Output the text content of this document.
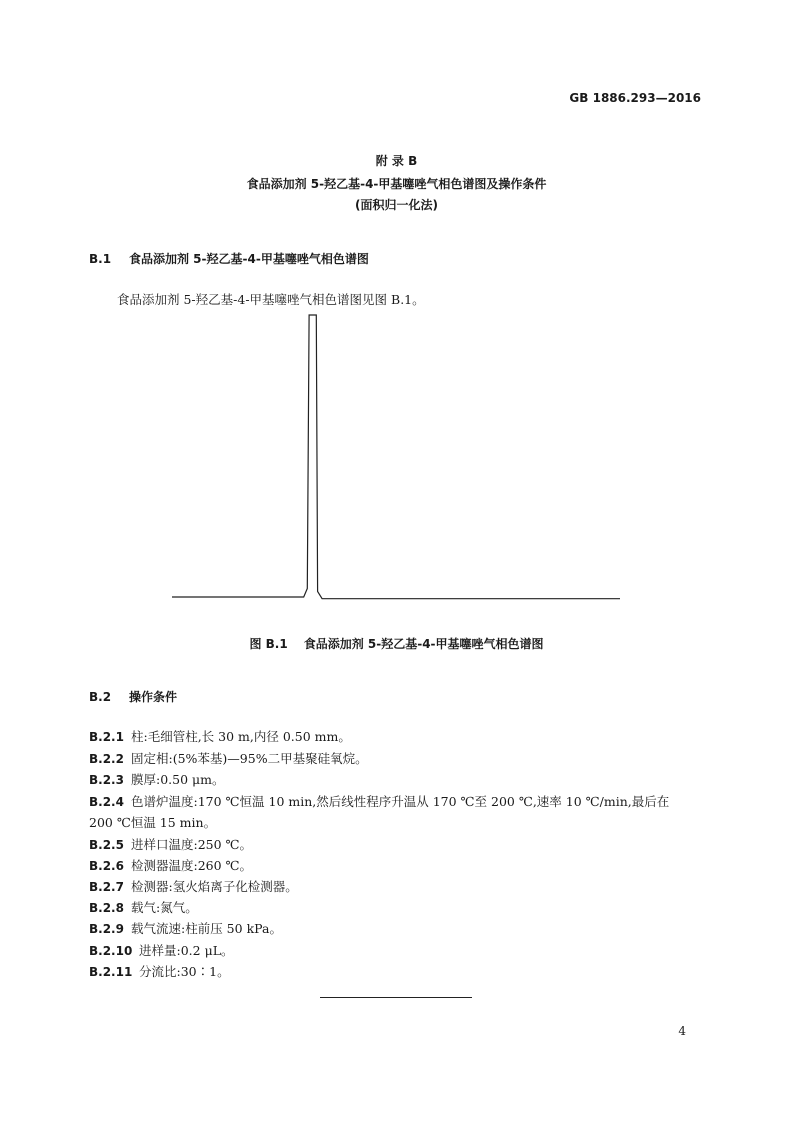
GB 1886.293—2016
附 录 B
食品添加剂 5-羟乙基-4-甲基噻唑气相色谱图及操作条件
(面积归一化法)
B.1 食品添加剂 5-羟乙基-4-甲基噻唑气相色谱图
食品添加剂 5-羟乙基-4-甲基噻唑气相色谱图见图 B.1。
图 B.1 食品添加剂 5-羟乙基-4-甲基噻唑气相色谱图
B.2 操作条件
B.2.1 柱:毛细管柱,长 30 m,内径 0.50 mm。
B.2.2 固定相:(5%苯基)—95%二甲基聚硅氧烷。
B.2.3 膜厚:0.50 μm。
B.2.4 色谱炉温度:170 ℃恒温 10 min,然后线性程序升温从 170 ℃至 200 ℃,速率 10 ℃/min,最后在
200 ℃恒温 15 min。
B.2.5 进样口温度:250 ℃。
B.2.6 检测器温度:260 ℃。
B.2.7 检测器:氢火焰离子化检测器。
B.2.8 载气:氮气。
B.2.9 载气流速:柱前压 50 kPa。
B.2.10 进样量:0.2 μL。
B.2.11 分流比:30∶1。
4
